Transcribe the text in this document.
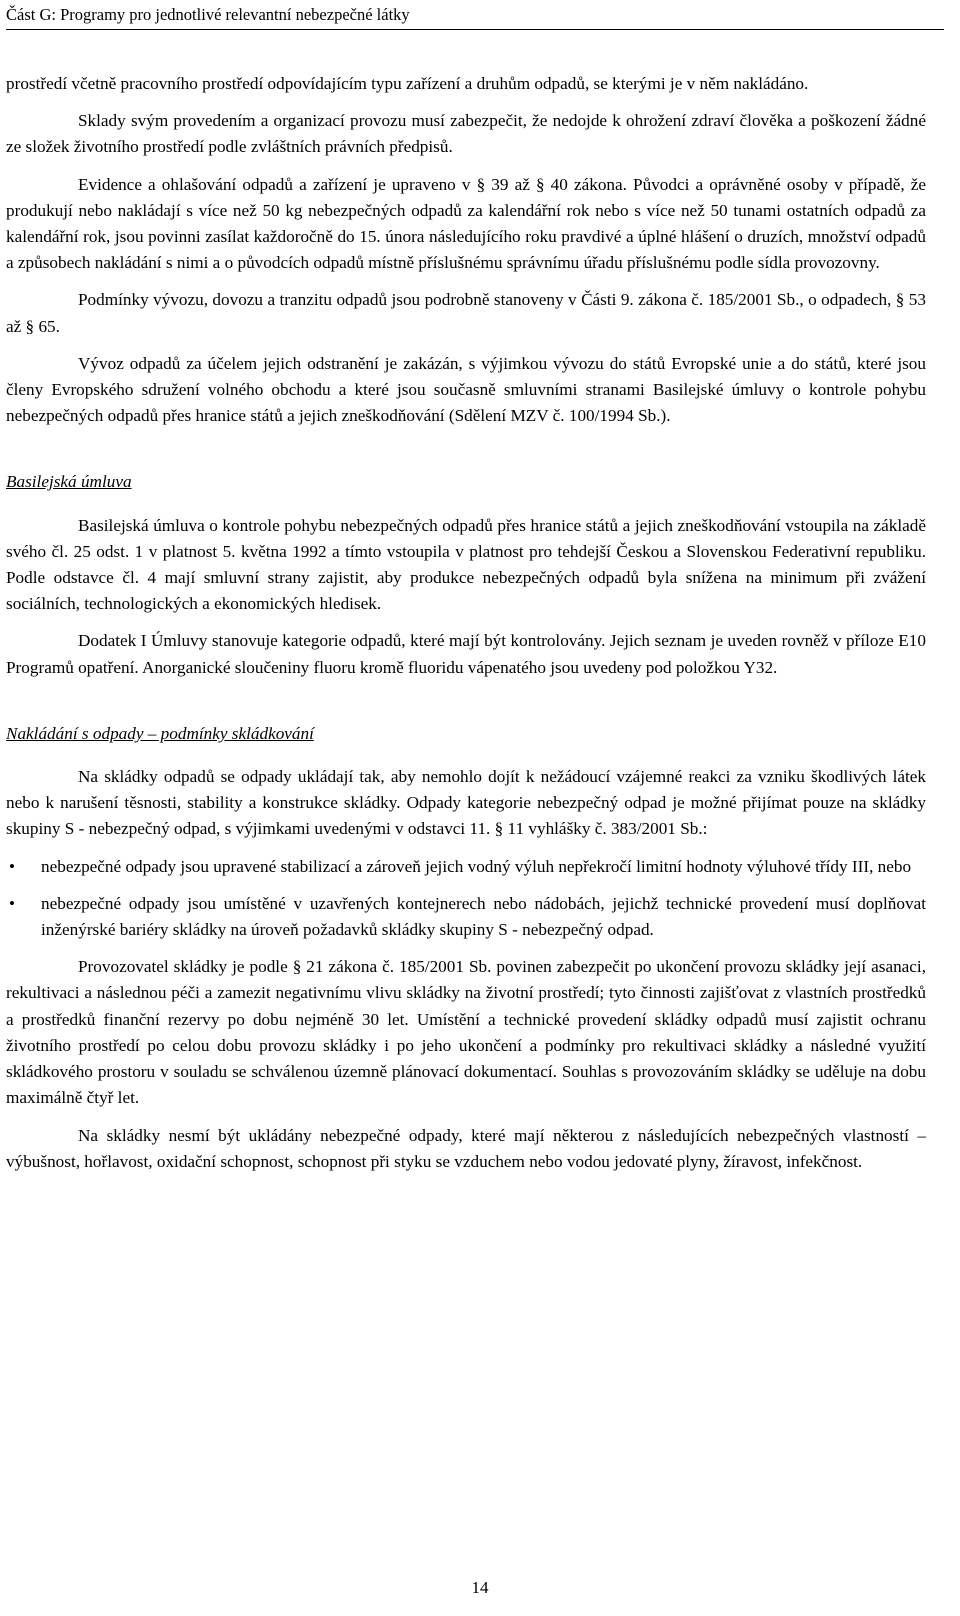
Část G: Programy pro jednotlivé relevantní nebezpečné látky

prostředí včetně pracovního prostředí odpovídajícím typu zařízení a druhům odpadů, se kterými je v něm nakládáno.

Sklady svým provedením a organizací provozu musí zabezpečit, že nedojde k ohrožení zdraví člověka a poškození žádné ze složek životního prostředí podle zvláštních právních předpisů.

Evidence a ohlašování odpadů a zařízení je upraveno v § 39 až § 40 zákona. Původci a oprávněné osoby v případě, že produkují nebo nakládají s více než 50 kg nebezpečných odpadů za kalendářní rok nebo s více než 50 tunami ostatních odpadů za kalendářní rok, jsou povinni zasílat každoročně do 15. února následujícího roku pravdivé a úplné hlášení o druzích, množství odpadů a způsobech nakládání s nimi a o původcích odpadů místně příslušnému správnímu úřadu příslušnému podle sídla provozovny.

Podmínky vývozu, dovozu a tranzitu odpadů jsou podrobně stanoveny v Části 9. zákona č. 185/2001 Sb., o odpadech, § 53 až § 65.

Vývoz odpadů za účelem jejich odstranění je zakázán, s výjimkou vývozu do států Evropské unie a do států, které jsou členy Evropského sdružení volného obchodu a které jsou současně smluvními stranami Basilejské úmluvy o kontrole pohybu nebezpečných odpadů přes hranice států a jejich zneškodňování (Sdělení MZV č. 100/1994 Sb.).

Basilejská úmluva

Basilejská úmluva o kontrole pohybu nebezpečných odpadů přes hranice států a jejich zneškodňování vstoupila na základě svého čl. 25 odst. 1 v platnost 5. května 1992 a tímto vstoupila v platnost pro tehdejší Českou a Slovenskou Federativní republiku. Podle odstavce čl. 4 mají smluvní strany zajistit, aby produkce nebezpečných odpadů byla snížena na minimum při zvážení sociálních, technologických a ekonomických hledisek.

Dodatek I Úmluvy stanovuje kategorie odpadů, které mají být kontrolovány. Jejich seznam je uveden rovněž v příloze E10 Programů opatření. Anorganické sloučeniny fluoru kromě fluoridu vápenatého jsou uvedeny pod položkou Y32.

Nakládání s odpady – podmínky skládkování

Na skládky odpadů se odpady ukládají tak, aby nemohlo dojít k nežádoucí vzájemné reakci za vzniku škodlivých látek nebo k narušení těsnosti, stability a konstrukce skládky. Odpady kategorie nebezpečný odpad je možné přijímat pouze na skládky skupiny S - nebezpečný odpad, s výjimkami uvedenými v odstavci 11. § 11 vyhlášky č. 383/2001 Sb.:

• nebezpečné odpady jsou upravené stabilizací a zároveň jejich vodný výluh nepřekročí limitní hodnoty výluhové třídy III, nebo
• nebezpečné odpady jsou umístěné v uzavřených kontejnerech nebo nádobách, jejichž technické provedení musí doplňovat inženýrské bariéry skládky na úroveň požadavků skládky skupiny S - nebezpečný odpad.

Provozovatel skládky je podle § 21 zákona č. 185/2001 Sb. povinen zabezpečit po ukončení provozu skládky její asanaci, rekultivaci a následnou péči a zamezit negativnímu vlivu skládky na životní prostředí; tyto činnosti zajišťovat z vlastních prostředků a prostředků finanční rezervy po dobu nejméně 30 let. Umístění a technické provedení skládky odpadů musí zajistit ochranu životního prostředí po celou dobu provozu skládky i po jeho ukončení a podmínky pro rekultivaci skládky a následné využití skládkového prostoru v souladu se schválenou územně plánovací dokumentací. Souhlas s provozováním skládky se uděluje na dobu maximálně čtyř let.

Na skládky nesmí být ukládány nebezpečné odpady, které mají některou z následujících nebezpečných vlastností – výbušnost, hořlavost, oxidační schopnost, schopnost při styku se vzduchem nebo vodou jedovaté plyny, žíravost, infekčnost.

14
